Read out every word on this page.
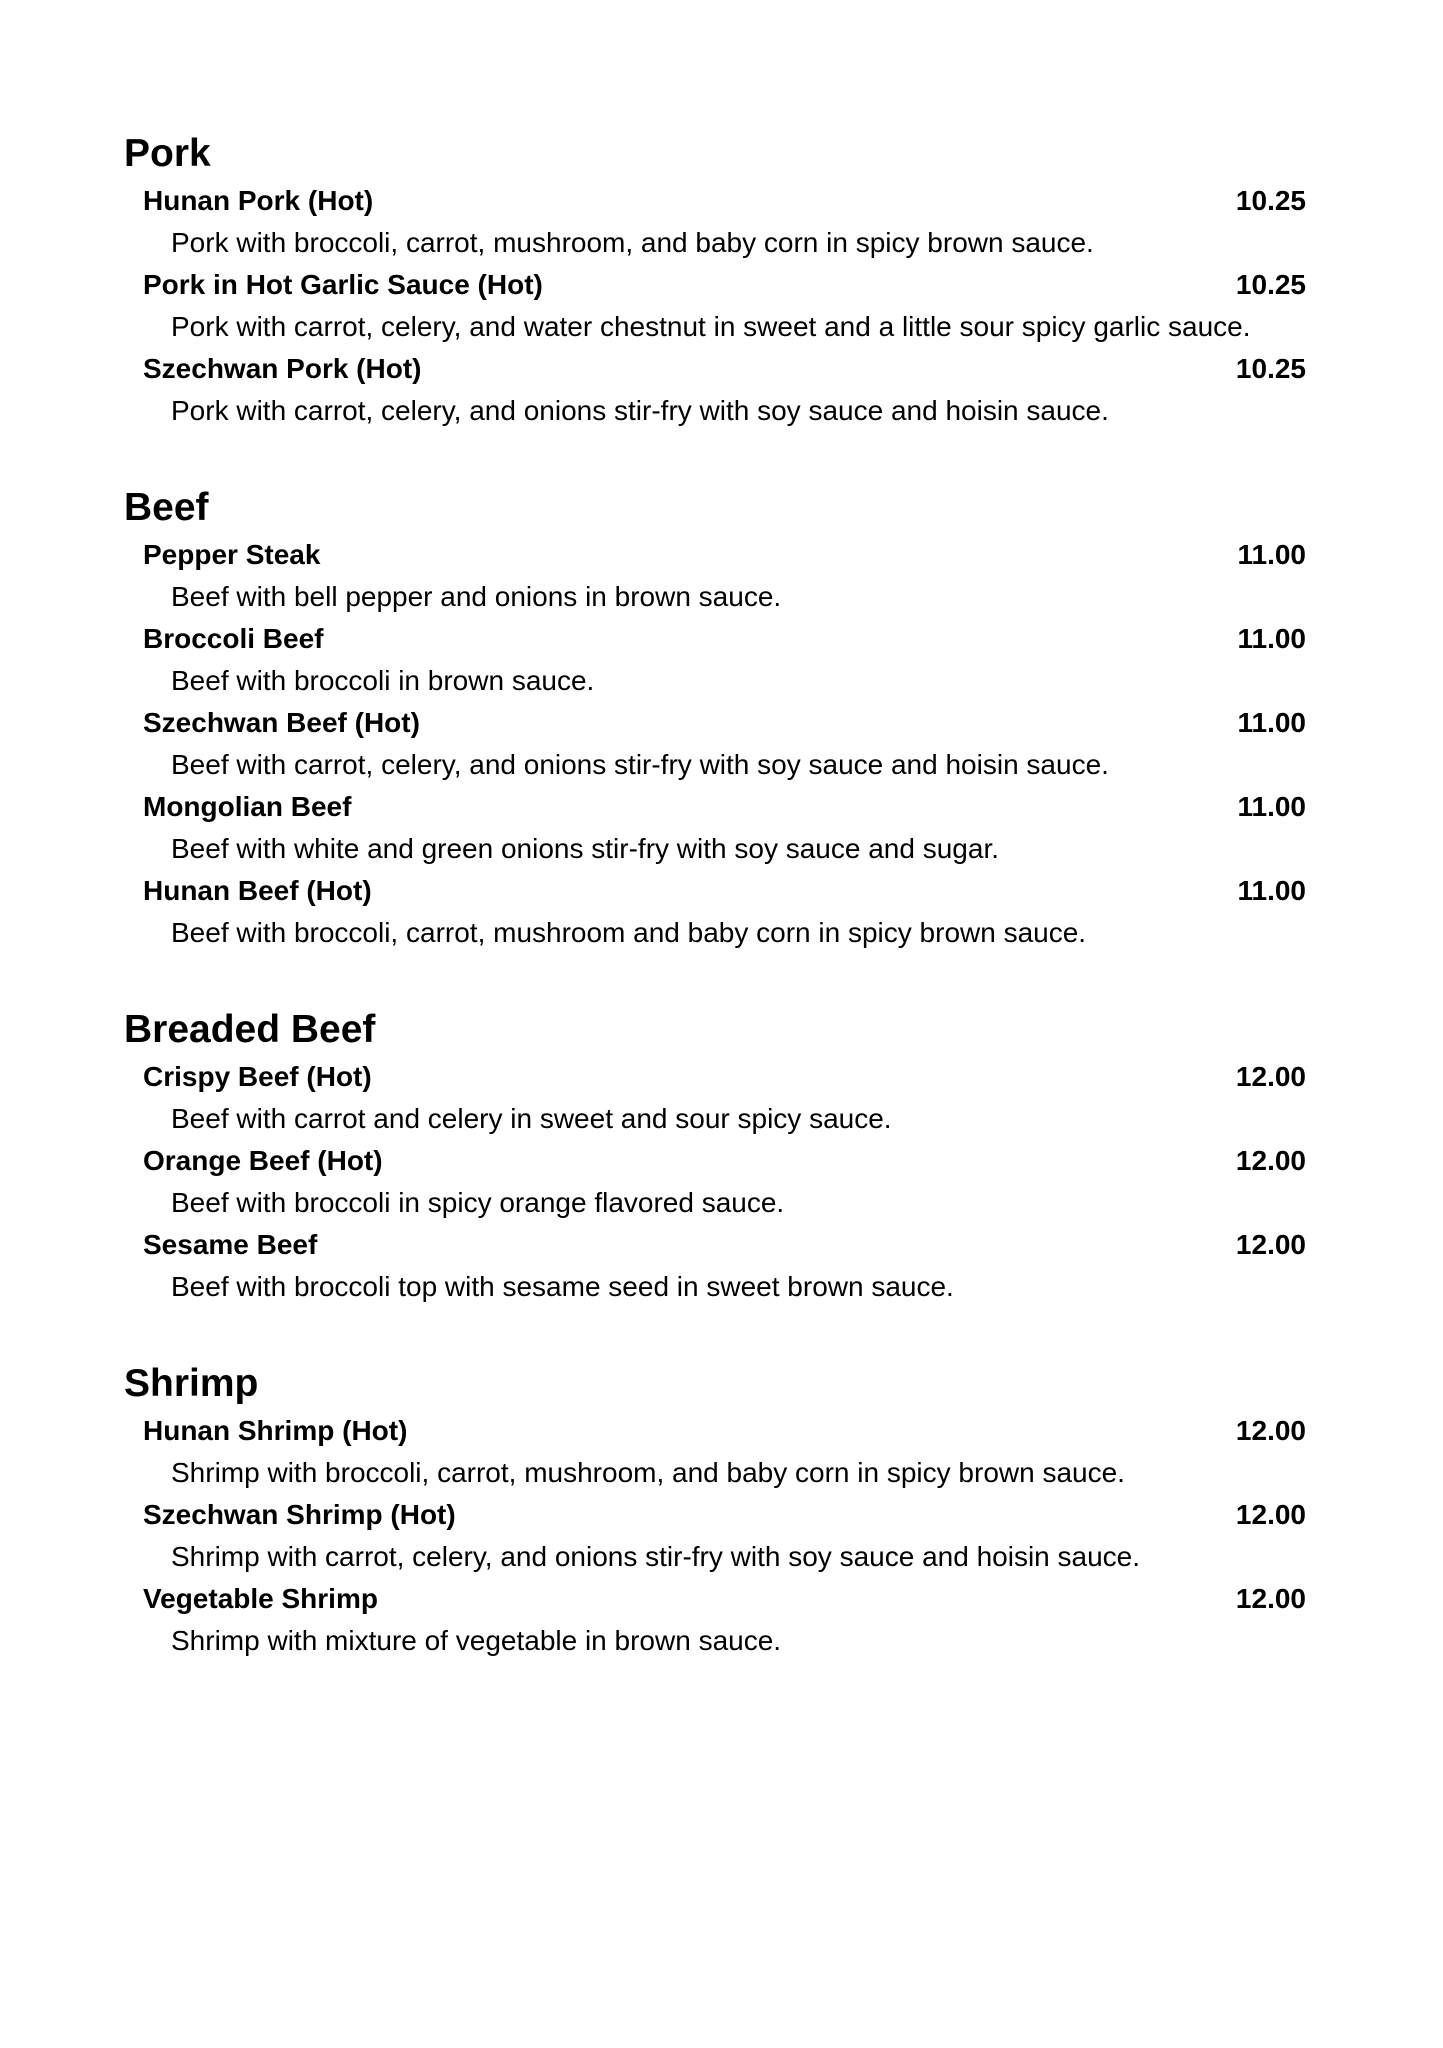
Pork
Hunan Pork (Hot)	10.25
Pork with broccoli, carrot, mushroom, and baby corn in spicy brown sauce.
Pork in Hot Garlic Sauce (Hot)	10.25
Pork with carrot, celery, and water chestnut in sweet and a little sour spicy garlic sauce.
Szechwan Pork (Hot)	10.25
Pork with carrot, celery, and onions stir-fry with soy sauce and hoisin sauce.
Beef
Pepper Steak	11.00
Beef with bell pepper and onions in brown sauce.
Broccoli Beef	11.00
Beef with broccoli in brown sauce.
Szechwan Beef (Hot)	11.00
Beef with carrot, celery, and onions stir-fry with soy sauce and hoisin sauce.
Mongolian Beef	11.00
Beef with white and green onions stir-fry with soy sauce and sugar.
Hunan Beef (Hot)	11.00
Beef with broccoli, carrot, mushroom and baby corn in spicy brown sauce.
Breaded Beef
Crispy Beef (Hot)	12.00
Beef with carrot and celery in sweet and sour spicy sauce.
Orange Beef (Hot)	12.00
Beef with broccoli in spicy orange flavored sauce.
Sesame Beef	12.00
Beef with broccoli top with sesame seed in sweet brown sauce.
Shrimp
Hunan Shrimp (Hot)	12.00
Shrimp with broccoli, carrot, mushroom, and baby corn in spicy brown sauce.
Szechwan Shrimp (Hot)	12.00
Shrimp with carrot, celery, and onions stir-fry with soy sauce and hoisin sauce.
Vegetable Shrimp	12.00
Shrimp with mixture of vegetable in brown sauce.
